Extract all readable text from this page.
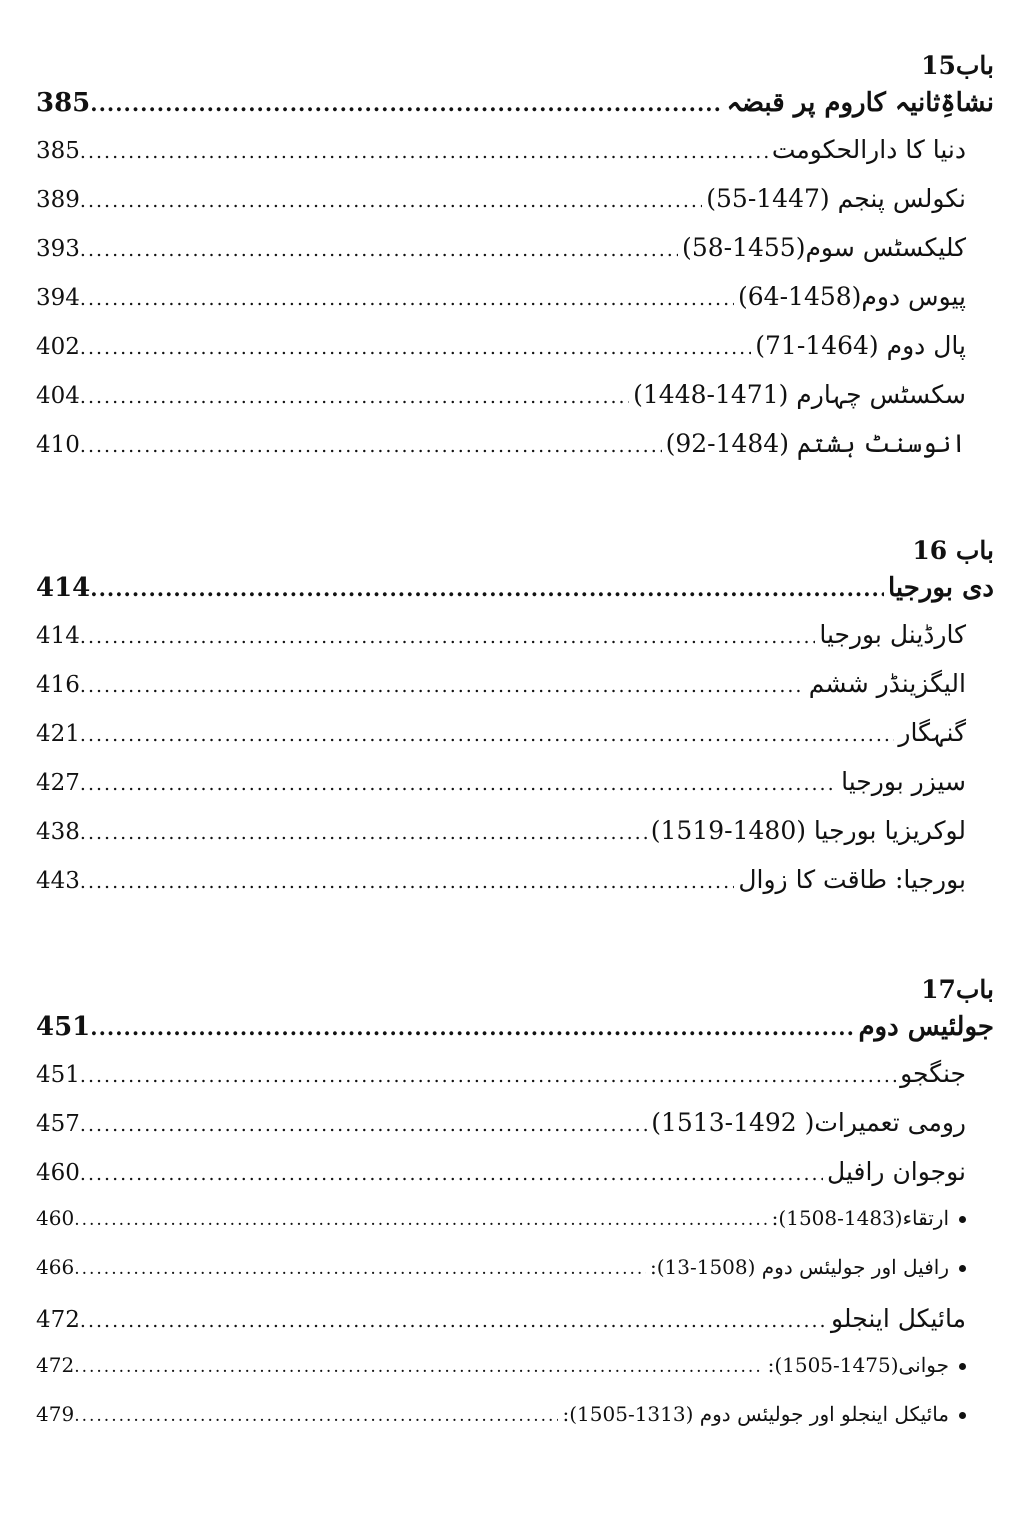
باب15
385 .....	نشاۃِثانیہ کاروم پر قبضہ
385 .....	دنیا کا دارالحکومت
389 .....	نکولس پنجم (1447-55)
393 .....	کلیکسٹس سوم(1455-58)
394 .....	پیوس دوم(1458-64)
402 .....	پال دوم (1464-71)
404 .....	سکسٹس چہارم (1471-1448)
410 .....	انوسنٹ ہشتم (1484-92)
باب 16
414 .....	دی بورجیا
414 .....	کارڈینل بورجیا
416 .....	الیگزینڈر ششم
421 .....	گنہگار
427 .....	سیزر بورجیا
438 .....	لوکریزیا بورجیا (1480-1519)
443 .....	بورجیا: طاقت کا زوال
باب17
451 .....	جولئیس دوم
451 .....	جنگجو
457 .....	رومی تعمیرات( 1492-1513)
460 .....	نوجوان رافیل
460 .....	ارتقاء(1483-1508):
466 .....	رافیل اور جولیئس دوم (1508-13):
472 .....	مائیکل اینجلو
472 .....	جوانی(1475-1505):
479 .....	مائیکل اینجلو اور جولیئس دوم (1313-1505):
